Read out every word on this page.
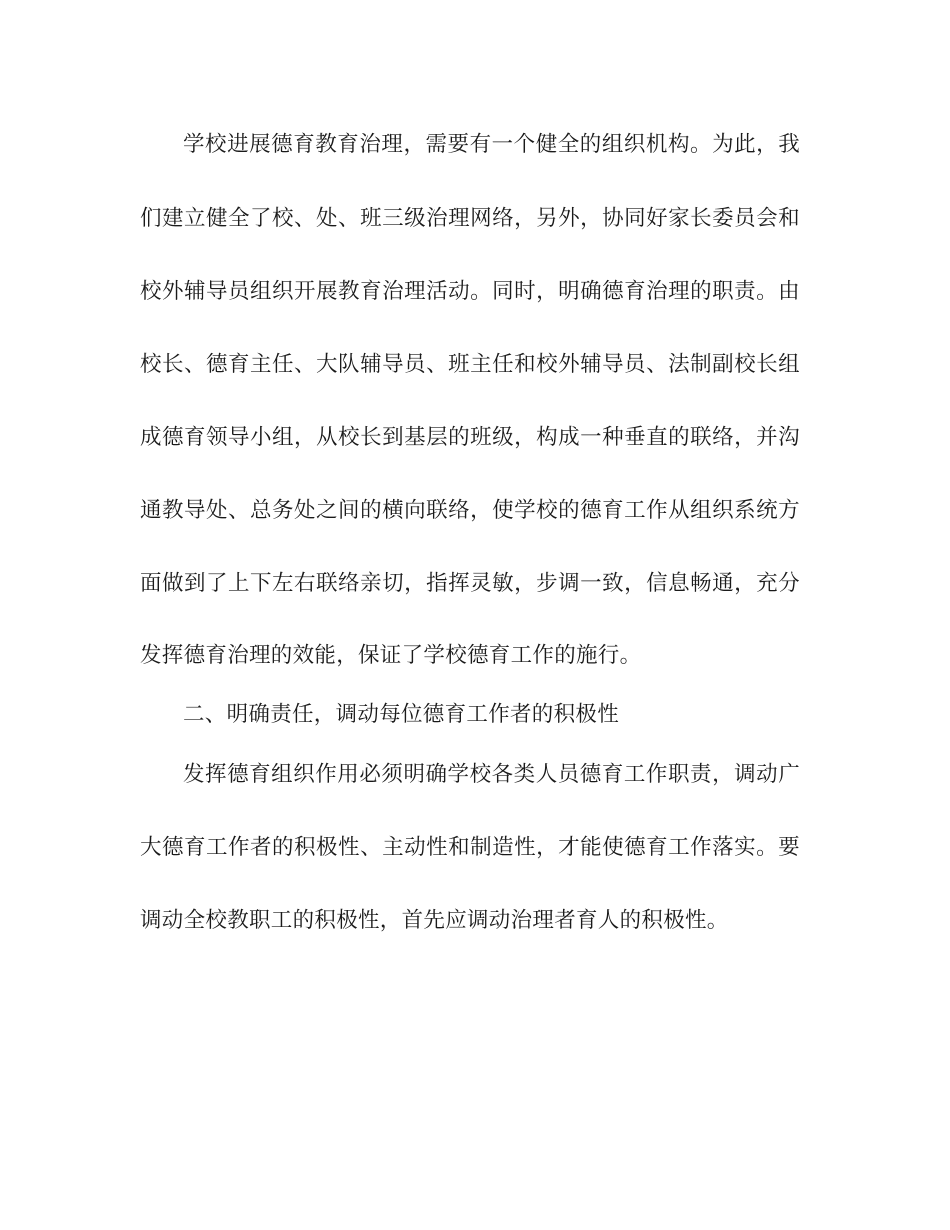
学校进展德育教育治理，需要有一个健全的组织机构。为此，我
们建立健全了校、处、班三级治理网络，另外，协同好家长委员会和
校外辅导员组织开展教育治理活动。同时，明确德育治理的职责。由
校长、德育主任、大队辅导员、班主任和校外辅导员、法制副校长组
成德育领导小组，从校长到基层的班级，构成一种垂直的联络，并沟
通教导处、总务处之间的横向联络，使学校的德育工作从组织系统方
面做到了上下左右联络亲切，指挥灵敏，步调一致，信息畅通，充分
发挥德育治理的效能，保证了学校德育工作的施行。
二、明确责任，调动每位德育工作者的积极性
发挥德育组织作用必须明确学校各类人员德育工作职责，调动广
大德育工作者的积极性、主动性和制造性，才能使德育工作落实。要
调动全校教职工的积极性，首先应调动治理者育人的积极性。
